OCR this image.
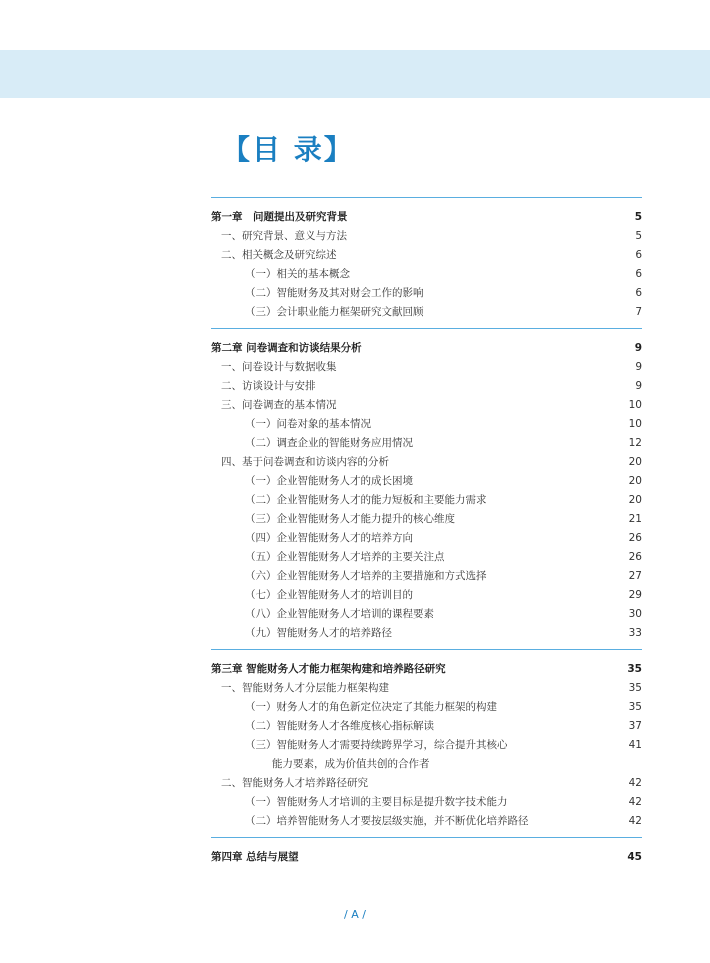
【目 录】
第一章　问题提出及研究背景	5
一、研究背景、意义与方法	5
二、相关概念及研究综述	6
（一）相关的基本概念	6
（二）智能财务及其对财会工作的影响	6
（三）会计职业能力框架研究文献回顾	7
第二章 问卷调查和访谈结果分析	9
一、问卷设计与数据收集	9
二、访谈设计与安排	9
三、问卷调查的基本情况	10
（一）问卷对象的基本情况	10
（二）调查企业的智能财务应用情况	12
四、基于问卷调查和访谈内容的分析	20
（一）企业智能财务人才的成长困境	20
（二）企业智能财务人才的能力短板和主要能力需求	20
（三）企业智能财务人才能力提升的核心维度	21
（四）企业智能财务人才的培养方向	26
（五）企业智能财务人才培养的主要关注点	26
（六）企业智能财务人才培养的主要措施和方式选择	27
（七）企业智能财务人才的培训目的	29
（八）企业智能财务人才培训的课程要素	30
（九）智能财务人才的培养路径	33
第三章 智能财务人才能力框架构建和培养路径研究	35
一、智能财务人才分层能力框架构建	35
（一）财务人才的角色新定位决定了其能力框架的构建	35
（二）智能财务人才各维度核心指标解读	37
（三）智能财务人才需要持续跨界学习，综合提升其核心	41
能力要素，成为价值共创的合作者
二、智能财务人才培养路径研究	42
（一）智能财务人才培训的主要目标是提升数字技术能力	42
（二）培养智能财务人才要按层级实施，并不断优化培养路径	42
第四章 总结与展望	45
/ A /
